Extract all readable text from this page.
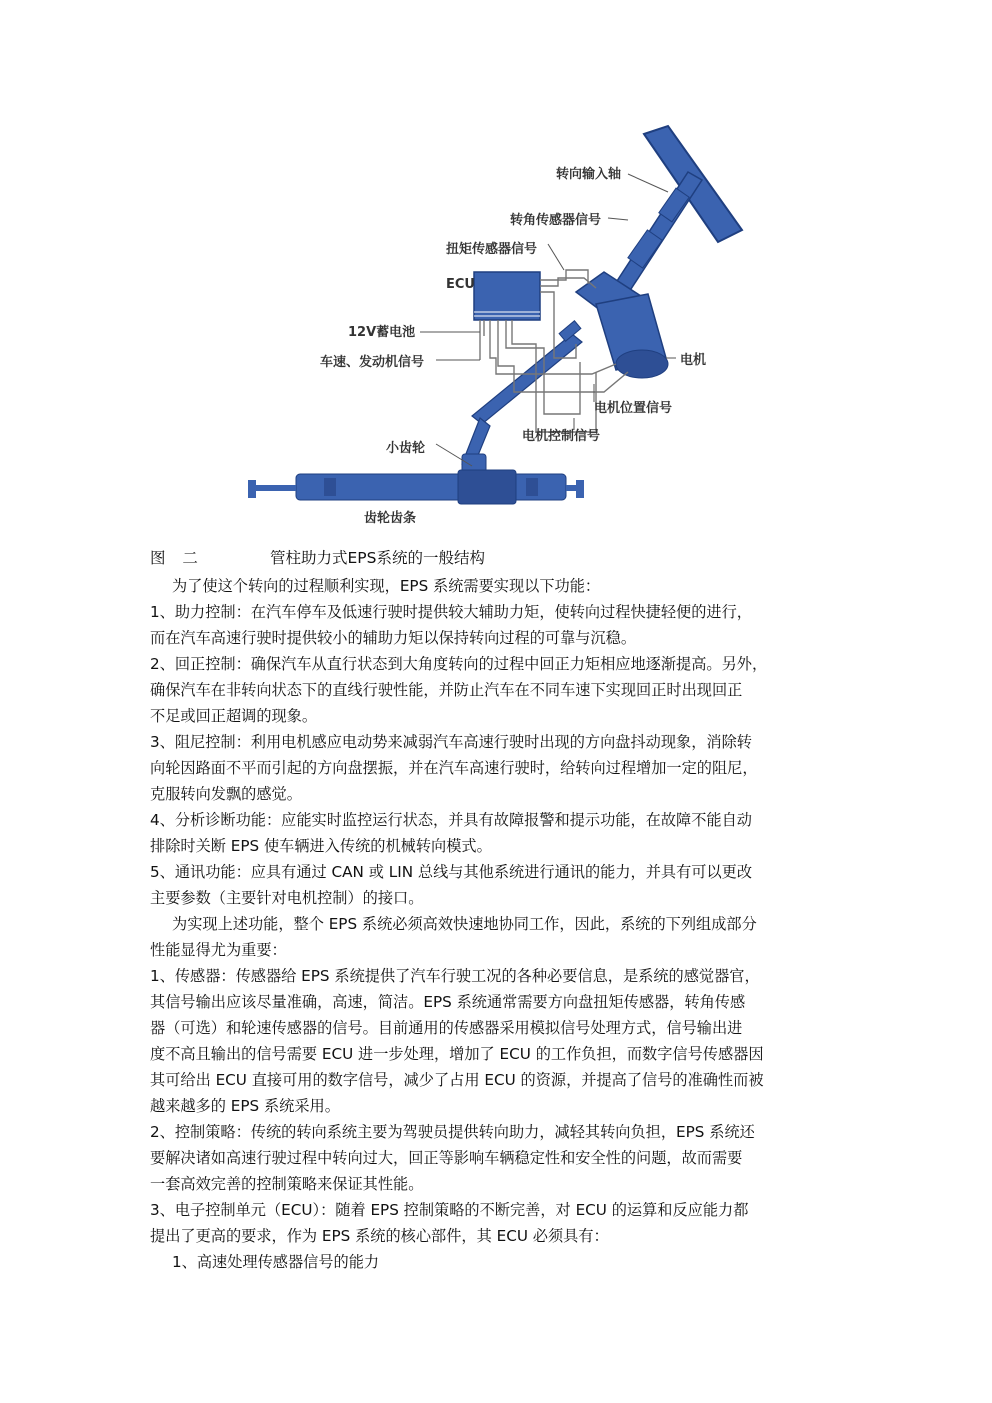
转向输入轴
转角传感器信号
扭矩传感器信号
ECU
12V蓄电池
车速、发动机信号	电机
电机位置信号
电机控制信号
小齿轮
齿轮齿条
图 二	管柱助力式EPS系统的一般结构
为了使这个转向的过程顺利实现，EPS 系统需要实现以下功能：
1、助力控制：在汽车停车及低速行驶时提供较大辅助力矩，使转向过程快捷轻便的进行，
而在汽车高速行驶时提供较小的辅助力矩以保持转向过程的可靠与沉稳。
2、回正控制：确保汽车从直行状态到大角度转向的过程中回正力矩相应地逐渐提高。另外，
确保汽车在非转向状态下的直线行驶性能，并防止汽车在不同车速下实现回正时出现回正
不足或回正超调的现象。
3、阻尼控制：利用电机感应电动势来减弱汽车高速行驶时出现的方向盘抖动现象，消除转
向轮因路面不平而引起的方向盘摆振，并在汽车高速行驶时，给转向过程增加一定的阻尼，
克服转向发飘的感觉。
4、分析诊断功能：应能实时监控运行状态，并具有故障报警和提示功能，在故障不能自动
排除时关断 EPS 使车辆进入传统的机械转向模式。
5、通讯功能：应具有通过 CAN 或 LIN 总线与其他系统进行通讯的能力，并具有可以更改
主要参数（主要针对电机控制）的接口。
为实现上述功能，整个 EPS 系统必须高效快速地协同工作，因此，系统的下列组成部分
性能显得尤为重要：
1、传感器：传感器给 EPS 系统提供了汽车行驶工况的各种必要信息，是系统的感觉器官，
其信号输出应该尽量准确，高速，简洁。EPS 系统通常需要方向盘扭矩传感器，转角传感
器（可选）和轮速传感器的信号。目前通用的传感器采用模拟信号处理方式，信号输出进
度不高且输出的信号需要 ECU 进一步处理，增加了 ECU 的工作负担，而数字信号传感器因
其可给出 ECU 直接可用的数字信号，减少了占用 ECU 的资源，并提高了信号的准确性而被
越来越多的 EPS 系统采用。
2、控制策略：传统的转向系统主要为驾驶员提供转向助力，减轻其转向负担，EPS 系统还
要解决诸如高速行驶过程中转向过大，回正等影响车辆稳定性和安全性的问题，故而需要
一套高效完善的控制策略来保证其性能。
3、电子控制单元（ECU）：随着 EPS 控制策略的不断完善，对 ECU 的运算和反应能力都
提出了更高的要求，作为 EPS 系统的核心部件，其 ECU 必须具有：
1、高速处理传感器信号的能力
